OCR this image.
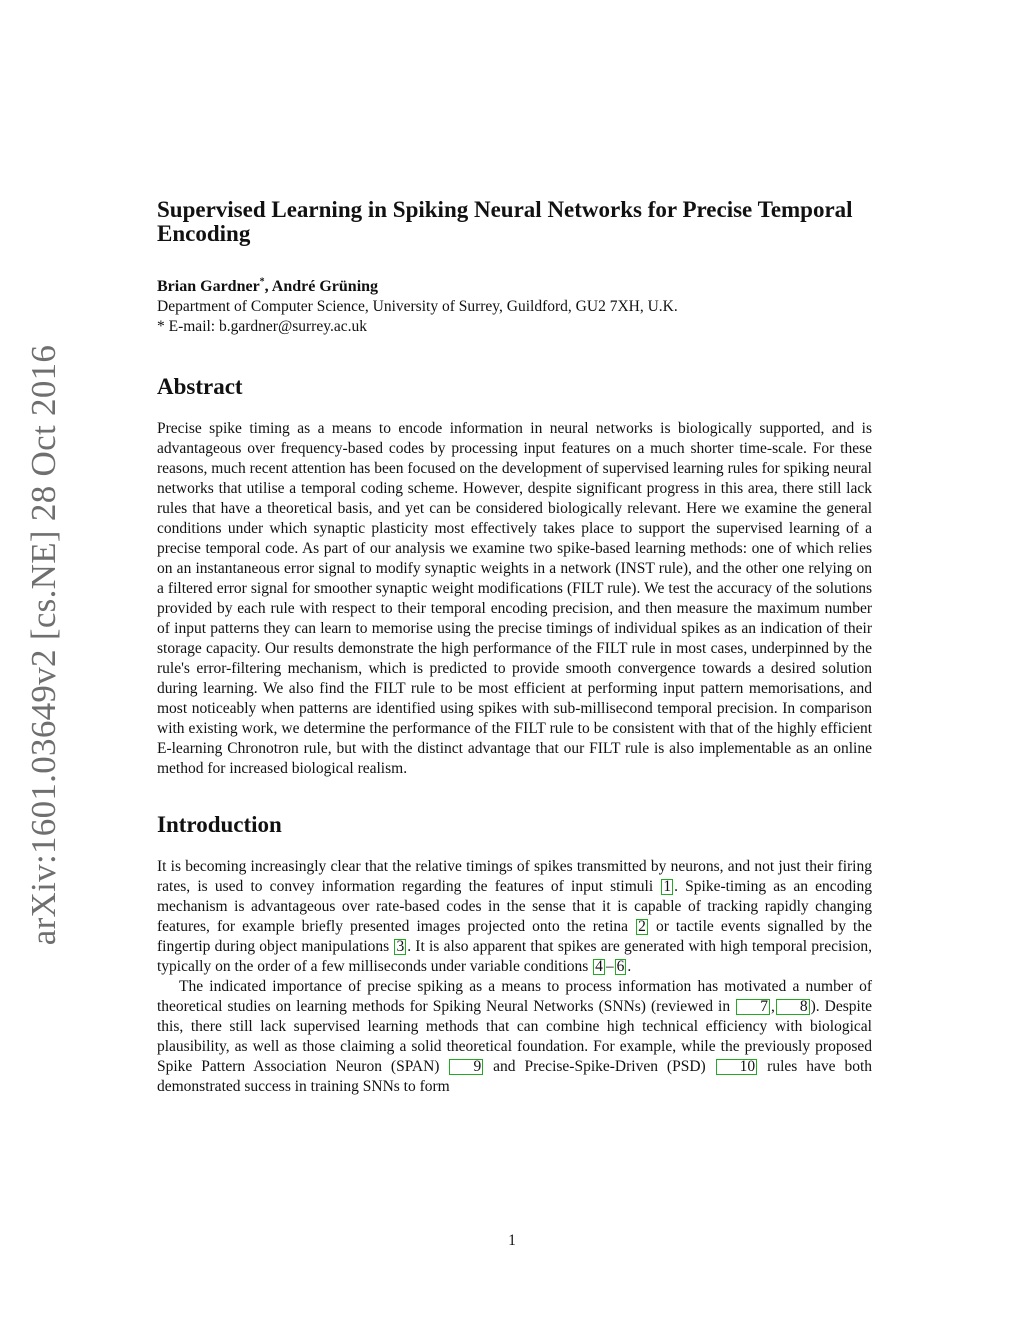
arXiv:1601.03649v2 [cs.NE] 28 Oct 2016
Supervised Learning in Spiking Neural Networks for Precise Temporal Encoding
Brian Gardner*, André Grüning
Department of Computer Science, University of Surrey, Guildford, GU2 7XH, U.K.
* E-mail: b.gardner@surrey.ac.uk
Abstract

Precise spike timing as a means to encode information in neural networks is biologically supported, and is advantageous over frequency-based codes by processing input features on a much shorter time-scale. For these reasons, much recent attention has been focused on the development of supervised learning rules for spiking neural networks that utilise a temporal coding scheme. However, despite significant progress in this area, there still lack rules that have a theoretical basis, and yet can be considered biologically relevant. Here we examine the general conditions under which synaptic plasticity most effectively takes place to support the supervised learning of a precise temporal code. As part of our analysis we examine two spike-based learning methods: one of which relies on an instantaneous error signal to modify synaptic weights in a network (INST rule), and the other one relying on a filtered error signal for smoother synaptic weight modifications (FILT rule). We test the accuracy of the solutions provided by each rule with respect to their temporal encoding precision, and then measure the maximum number of input patterns they can learn to memorise using the precise timings of individual spikes as an indication of their storage capacity. Our results demonstrate the high performance of the FILT rule in most cases, underpinned by the rule's error-filtering mechanism, which is predicted to provide smooth convergence towards a desired solution during learning. We also find the FILT rule to be most efficient at performing input pattern memorisations, and most noticeably when patterns are identified using spikes with sub-millisecond temporal precision. In comparison with existing work, we determine the performance of the FILT rule to be consistent with that of the highly efficient E-learning Chronotron rule, but with the distinct advantage that our FILT rule is also implementable as an online method for increased biological realism.

Introduction

It is becoming increasingly clear that the relative timings of spikes transmitted by neurons, and not just their firing rates, is used to convey information regarding the features of input stimuli 1 . Spike-timing as an encoding mechanism is advantageous over rate-based codes in the sense that it is capable of tracking rapidly changing features, for example briefly presented images projected onto the retina 2 or tactile events signalled by the fingertip during object manipulations 3 . It is also apparent that spikes are generated with high temporal precision, typically on the order of a few milliseconds under variable conditions 4 – 6 .

The indicated importance of precise spiking as a means to process information has motivated a number of theoretical studies on learning methods for Spiking Neural Networks (SNNs) (reviewed in 7 , 8 ). Despite this, there still lack supervised learning methods that can combine high technical efficiency with biological plausibility, as well as those claiming a solid theoretical foundation. For example, while the previously proposed Spike Pattern Association Neuron (SPAN) 9 and Precise-Spike-Driven (PSD) 10 rules have both demonstrated success in training SNNs to form

1
